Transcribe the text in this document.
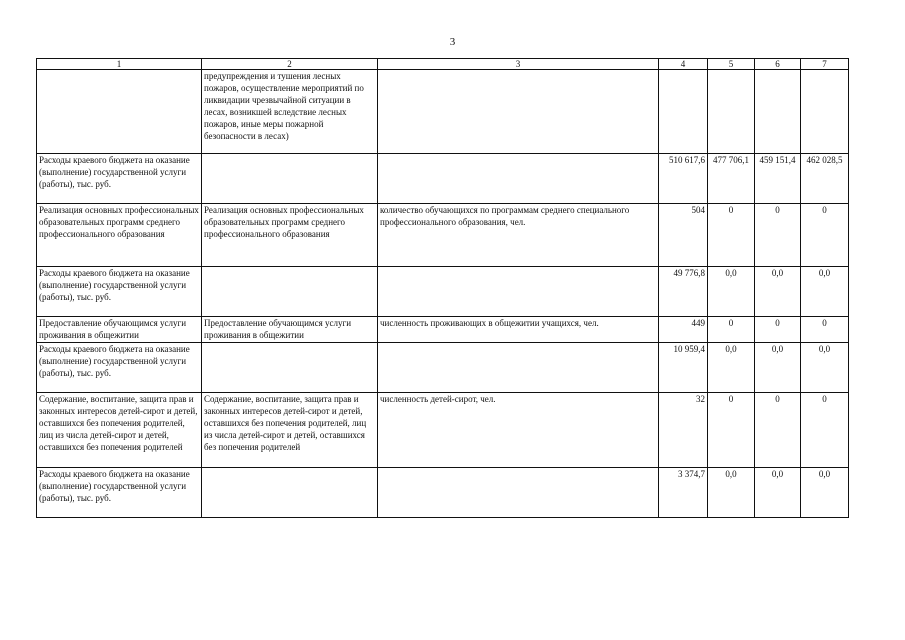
3
1	2	3	4	5	6	7
	предупреждения и тушения лесных пожаров, осуществление мероприятий по ликвидации чрезвычайной ситуации в лесах, возникшей вследствие лесных пожаров, иные меры пожарной безопасности в лесах)					
Расходы краевого бюджета на оказание (выполнение) государственной услуги (работы), тыс. руб.			510 617,6	477 706,1	459 151,4	462 028,5
Реализация основных профессиональных образовательных программ среднего профессионального образования	Реализация основных профессиональных образовательных программ среднего профессионального образования	количество обучающихся по программам среднего специального профессионального образования, чел.	504	0	0	0
Расходы краевого бюджета на оказание (выполнение) государственной услуги (работы), тыс. руб.			49 776,8	0,0	0,0	0,0
Предоставление обучающимся услуги проживания в общежитии	Предоставление обучающимся услуги проживания в общежитии	численность проживающих в общежитии учащихся, чел.	449	0	0	0
Расходы краевого бюджета на оказание (выполнение) государственной услуги (работы), тыс. руб.			10 959,4	0,0	0,0	0,0
Содержание, воспитание, защита прав и законных интересов детей-сирот и детей, оставшихся без попечения родителей, лиц из числа детей-сирот и детей, оставшихся без попечения родителей	Содержание, воспитание, защита прав и законных интересов детей-сирот и детей, оставшихся без попечения родителей, лиц из числа детей-сирот и детей, оставшихся без попечения родителей	численность детей-сирот, чел.	32	0	0	0
Расходы краевого бюджета на оказание (выполнение) государственной услуги (работы), тыс. руб.			3 374,7	0,0	0,0	0,0
